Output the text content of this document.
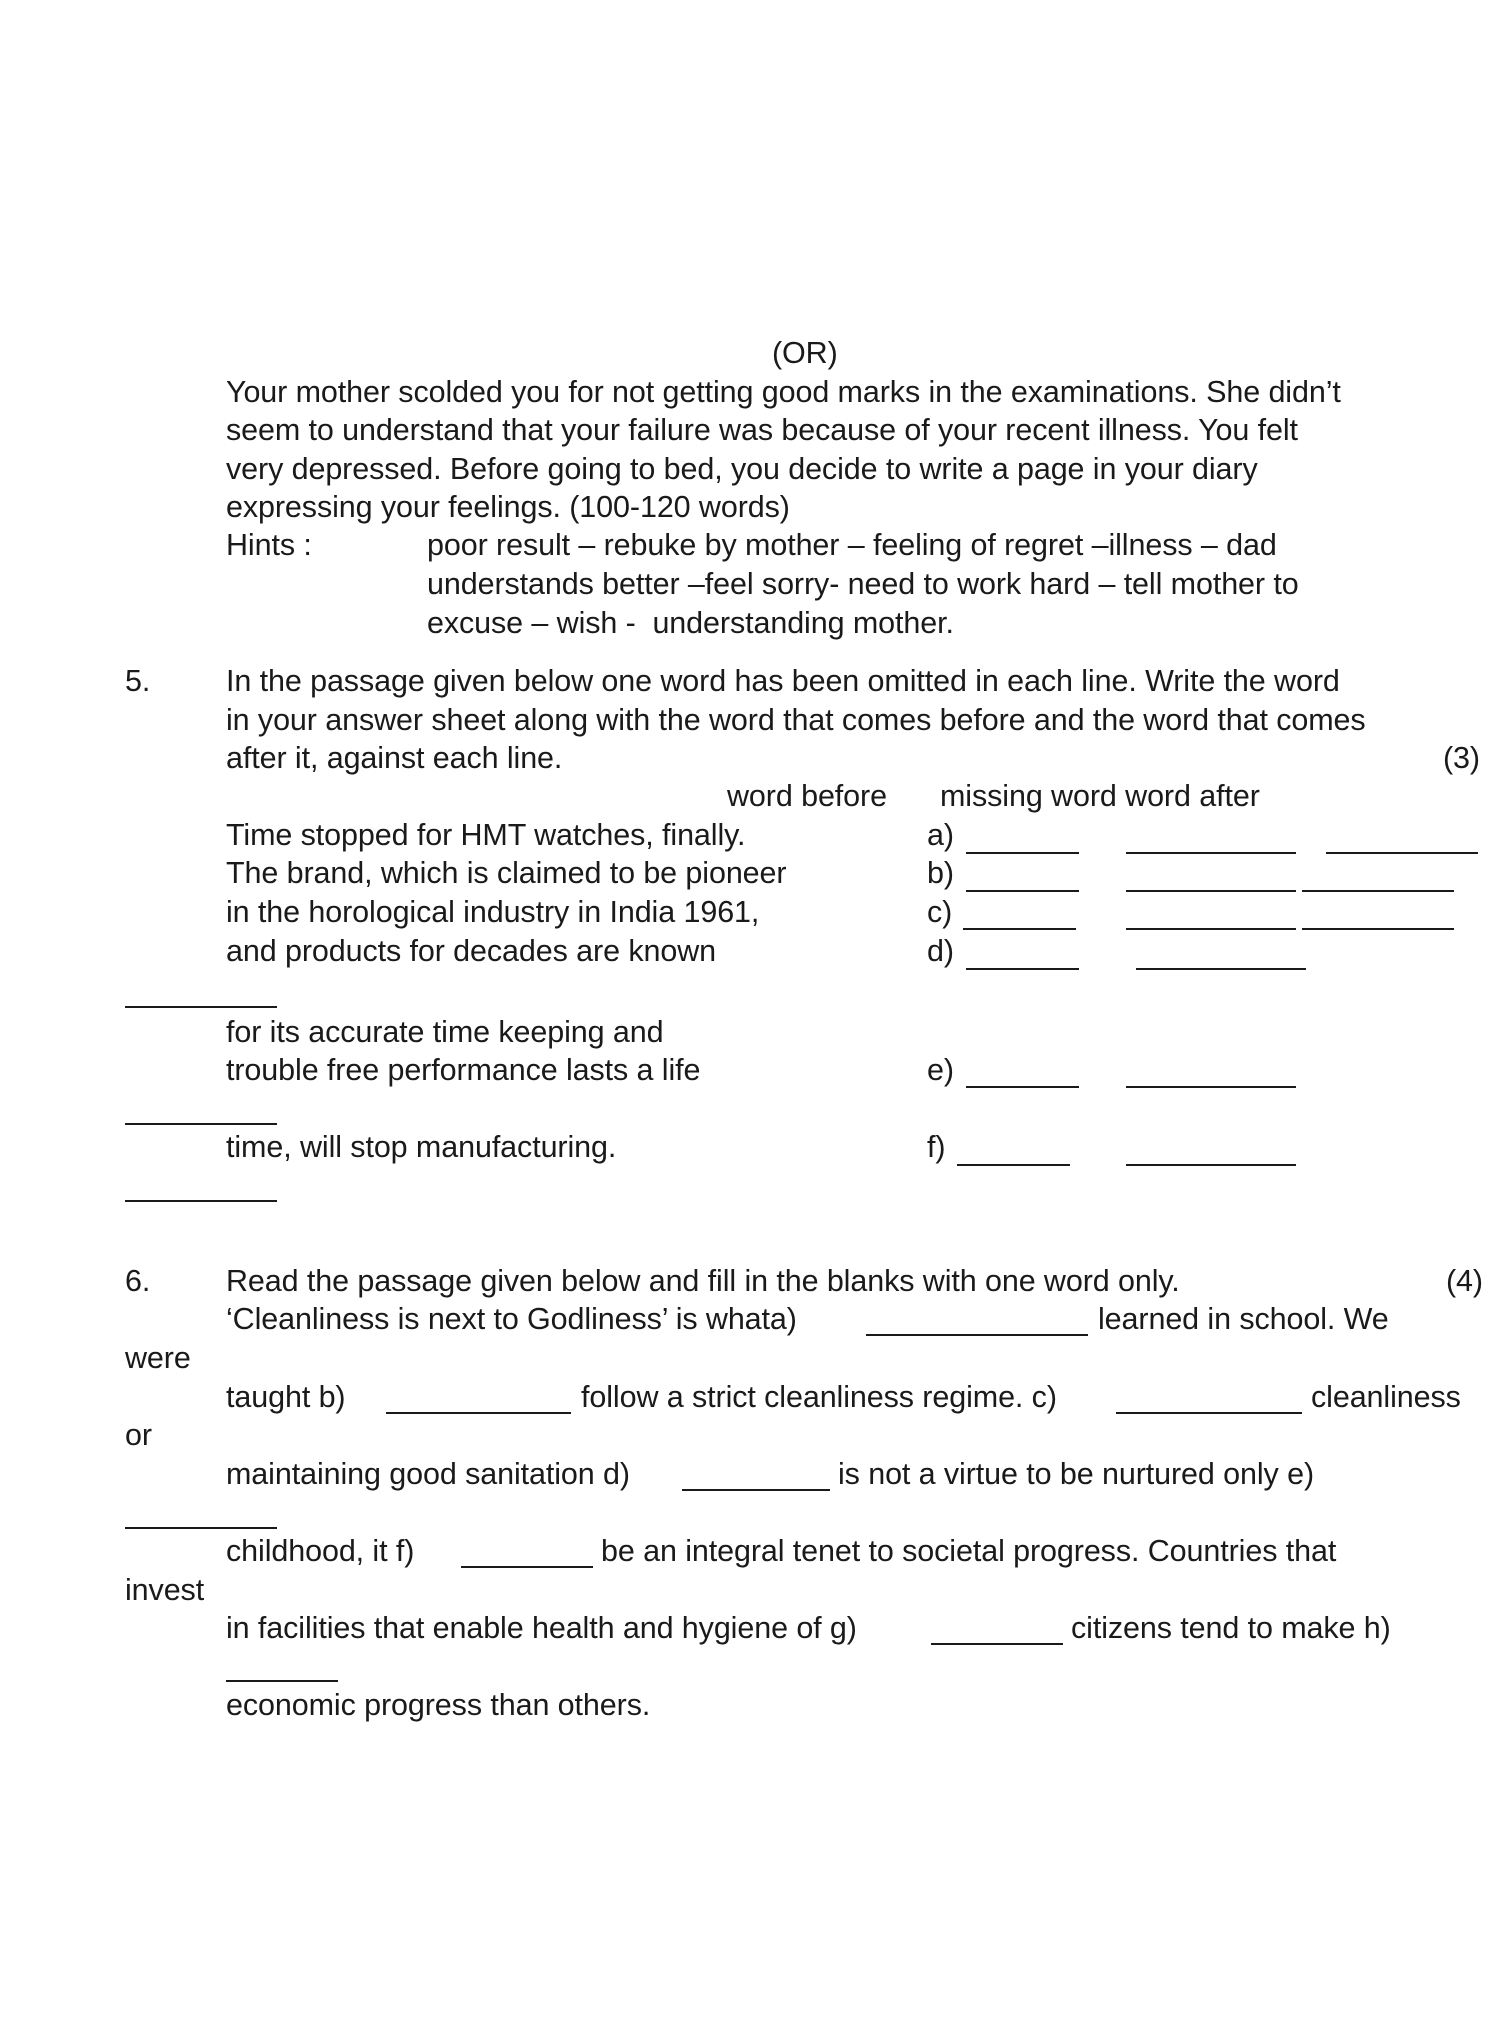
(OR)
Your mother scolded you for not getting good marks in the examinations. She didn’t
seem to understand that your failure was because of your recent illness. You felt
very depressed. Before going to bed, you decide to write a page in your diary
expressing your feelings. (100-120 words)
Hints :	poor result – rebuke by mother – feeling of regret –illness – dad
understands better –feel sorry- need to work hard – tell mother to
excuse – wish -  understanding mother.
5. In the passage given below one word has been omitted in each line. Write the word
in your answer sheet along with the word that comes before and the word that comes
after it, against each line.	(3)
word before missing word word after
Time stopped for HMT watches, finally.	a)
The brand, which is claimed to be pioneer	b)
in the horological industry in India 1961,	c)
and products for decades are known	d)
for its accurate time keeping and
trouble free performance lasts a life	e)
time, will stop manufacturing.	f)
6. Read the passage given below and fill in the blanks with one word only.	(4)
‘Cleanliness is next to Godliness’ is whata)	learned in school. We
were
taught b)	follow a strict cleanliness regime. c)	cleanliness
or
maintaining good sanitation d)	is not a virtue to be nurtured only e)
childhood, it f)	be an integral tenet to societal progress. Countries that
invest
in facilities that enable health and hygiene of g)	citizens tend to make h)
economic progress than others.
